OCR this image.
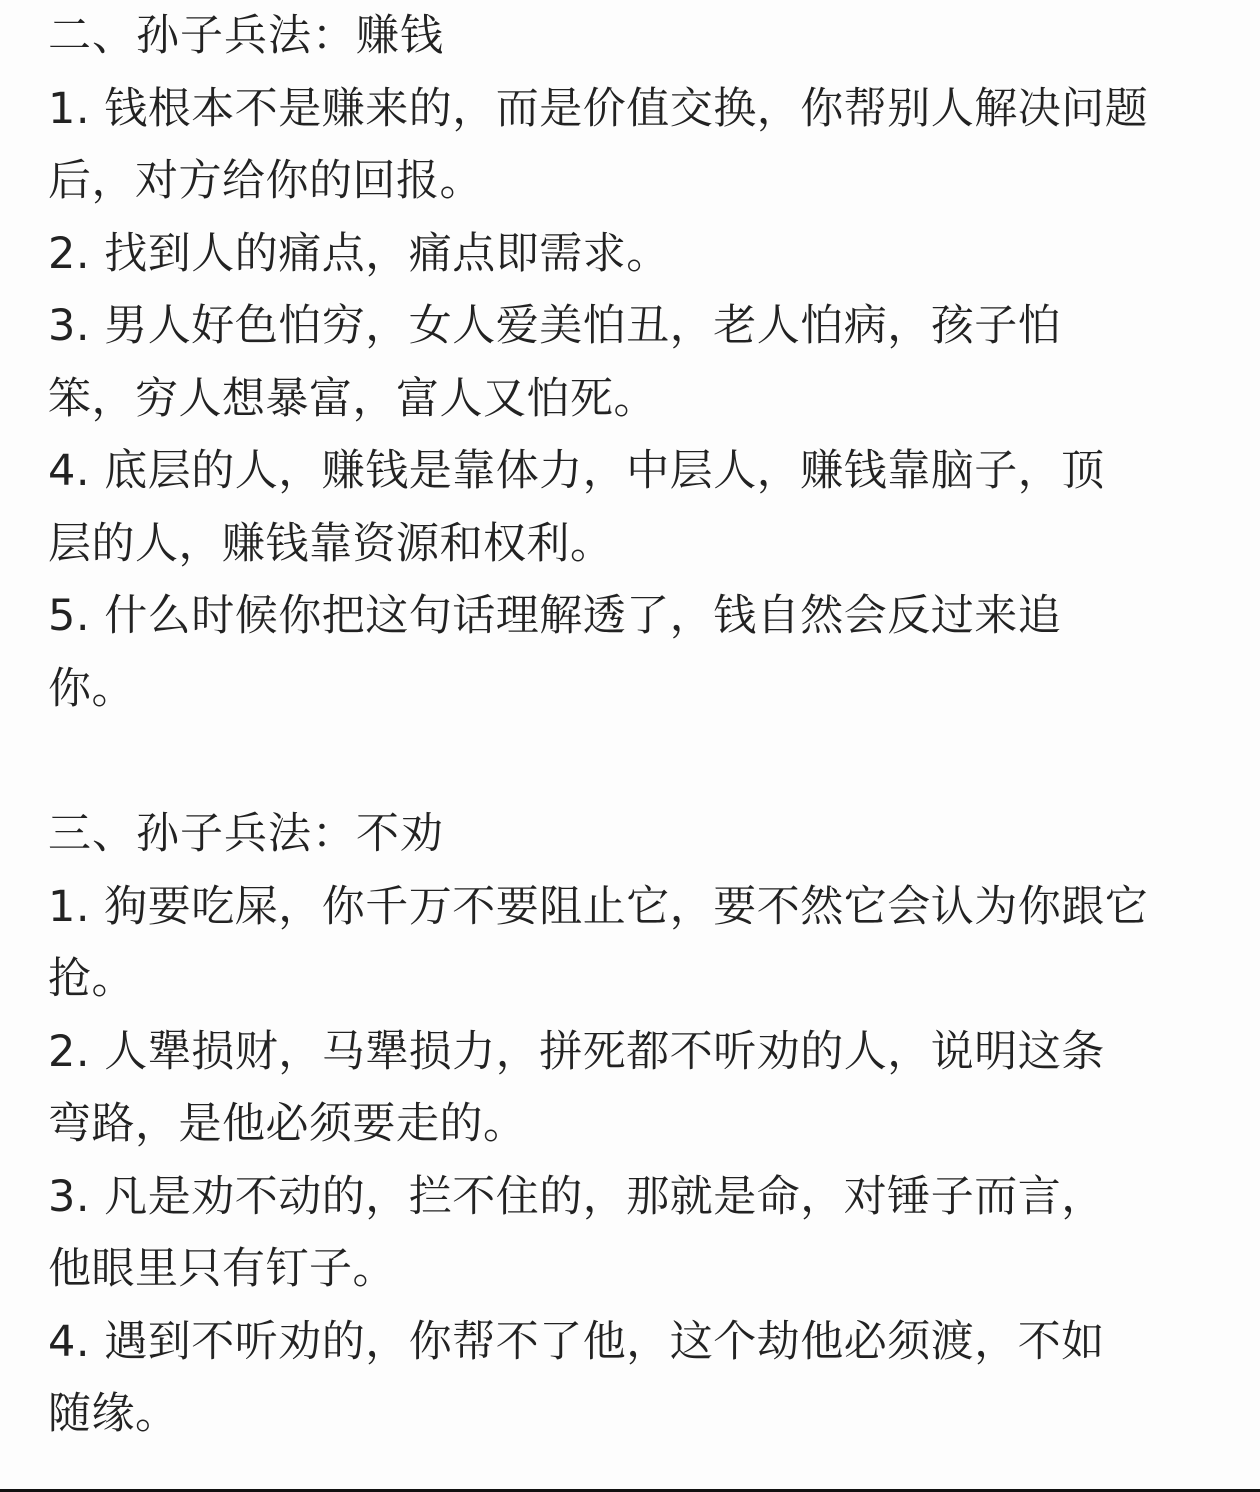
二、孙子兵法：赚钱
1. 钱根本不是赚来的，而是价值交换，你帮别人解决问题
后，对方给你的回报。
2. 找到人的痛点，痛点即需求。
3. 男人好色怕穷，女人爱美怕丑，老人怕病，孩子怕
笨，穷人想暴富，富人又怕死。
4. 底层的人，赚钱是靠体力，中层人，赚钱靠脑子，顶
层的人，赚钱靠资源和权利。
5. 什么时候你把这句话理解透了，钱自然会反过来追
你。
三、孙子兵法：不劝
1. 狗要吃屎，你千万不要阻止它，要不然它会认为你跟它
抢。
2. 人犟损财，马犟损力，拼死都不听劝的人，说明这条
弯路，是他必须要走的。
3. 凡是劝不动的，拦不住的，那就是命，对锤子而言，
他眼里只有钉子。
4. 遇到不听劝的，你帮不了他，这个劫他必须渡，不如
随缘。
